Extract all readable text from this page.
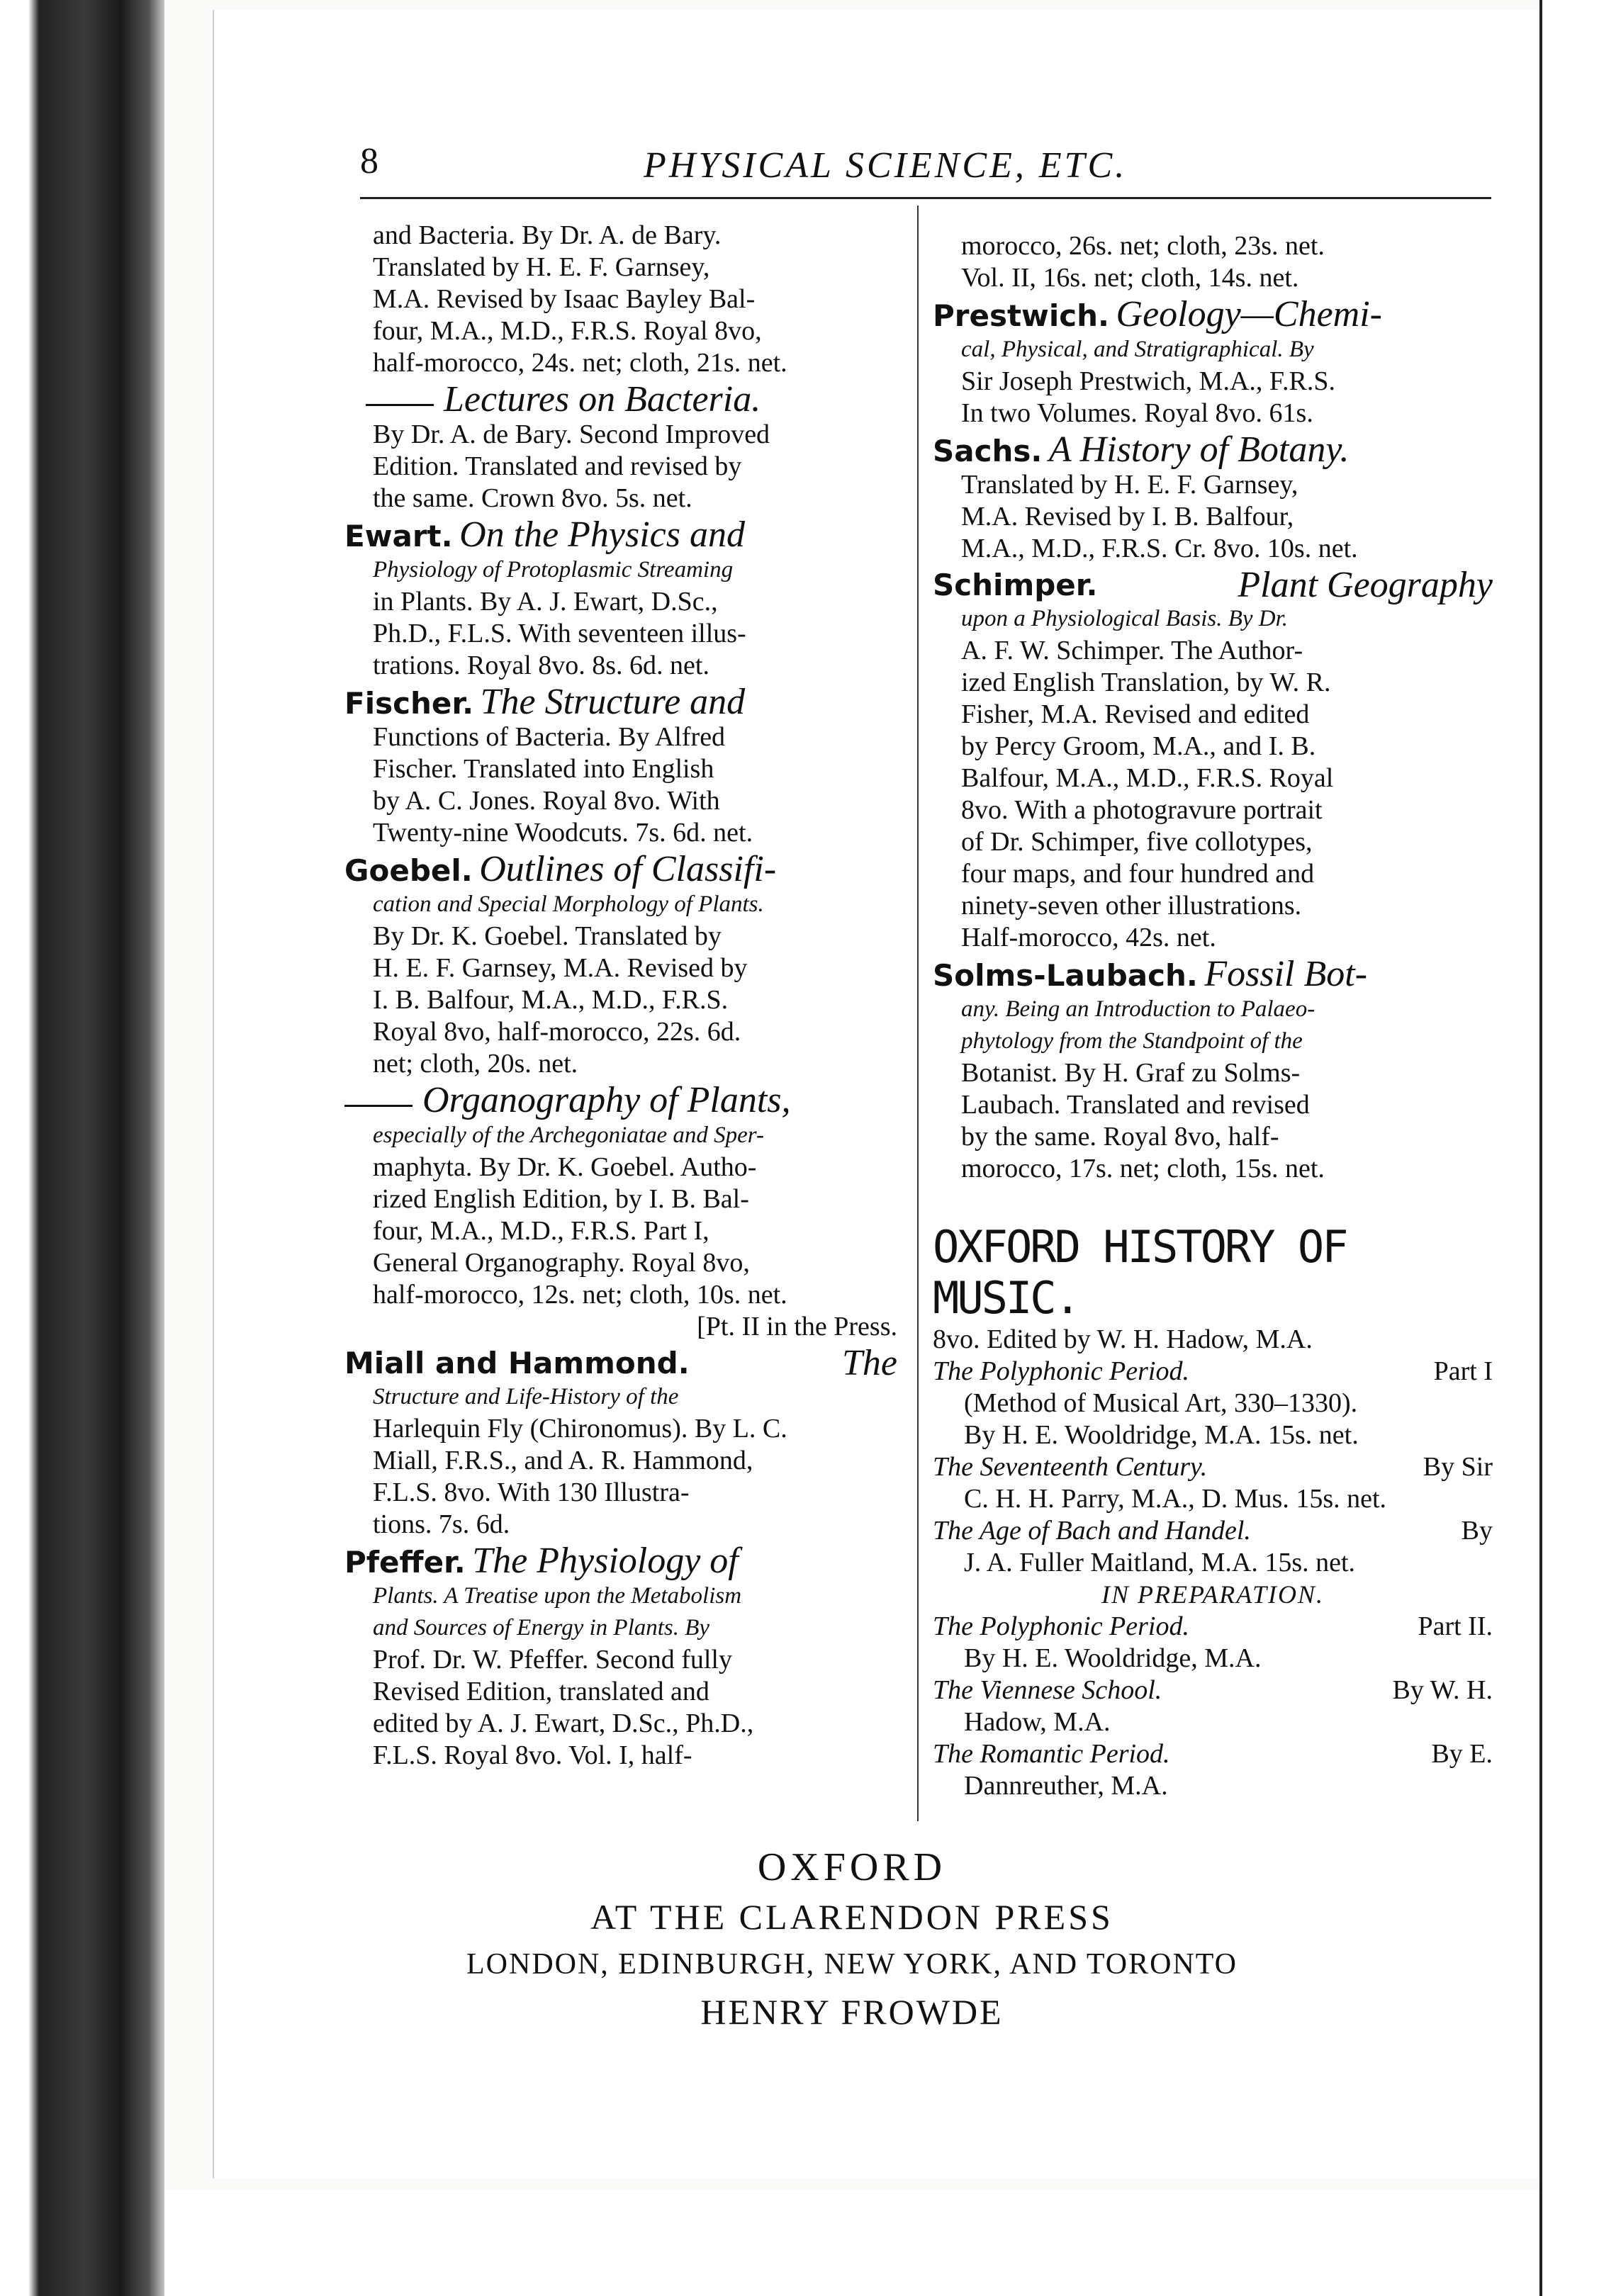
8	PHYSICAL SCIENCE, ETC.
and Bacteria. By Dr. A. de Bary.
Translated by H. E. F. Garnsey,
M.A. Revised by Isaac Bayley Bal-
four, M.A., M.D., F.R.S. Royal 8vo,
half-morocco, 24s. net; cloth, 21s. net.
Lectures on Bacteria.
By Dr. A. de Bary. Second Improved
Edition. Translated and revised by
the same. Crown 8vo. 5s. net.
Ewart. On the Physics and
Physiology of Protoplasmic Streaming
in Plants. By A. J. Ewart, D.Sc.,
Ph.D., F.L.S. With seventeen illus-
trations. Royal 8vo. 8s. 6d. net.
Fischer. The Structure and
Functions of Bacteria. By Alfred
Fischer. Translated into English
by A. C. Jones. Royal 8vo. With
Twenty-nine Woodcuts. 7s. 6d. net.
Goebel. Outlines of Classifi-
cation and Special Morphology of Plants.
By Dr. K. Goebel. Translated by
H. E. F. Garnsey, M.A. Revised by
I. B. Balfour, M.A., M.D., F.R.S.
Royal 8vo, half-morocco, 22s. 6d.
net; cloth, 20s. net.
Organography of Plants,
especially of the Archegoniatae and Sper-
maphyta. By Dr. K. Goebel. Autho-
rized English Edition, by I. B. Bal-
four, M.A., M.D., F.R.S. Part I,
General Organography. Royal 8vo,
half-morocco, 12s. net; cloth, 10s. net.
[Pt. II in the Press.
Miall and Hammond.	The
Structure and Life-History of the
Harlequin Fly (Chironomus). By L. C.
Miall, F.R.S., and A. R. Hammond,
F.L.S. 8vo. With 130 Illustra-
tions. 7s. 6d.
Pfeffer. The Physiology of
Plants. A Treatise upon the Metabolism
and Sources of Energy in Plants. By
Prof. Dr. W. Pfeffer. Second fully
Revised Edition, translated and
edited by A. J. Ewart, D.Sc., Ph.D.,
F.L.S. Royal 8vo. Vol. I, half-
morocco, 26s. net; cloth, 23s. net.
Vol. II, 16s. net; cloth, 14s. net.
Prestwich. Geology—Chemi-
cal, Physical, and Stratigraphical. By
Sir Joseph Prestwich, M.A., F.R.S.
In two Volumes. Royal 8vo. 61s.
Sachs. A History of Botany.
Translated by H. E. F. Garnsey,
M.A. Revised by I. B. Balfour,
M.A., M.D., F.R.S. Cr. 8vo. 10s. net.
Schimper.	Plant Geography
upon a Physiological Basis. By Dr.
A. F. W. Schimper. The Author-
ized English Translation, by W. R.
Fisher, M.A. Revised and edited
by Percy Groom, M.A., and I. B.
Balfour, M.A., M.D., F.R.S. Royal
8vo. With a photogravure portrait
of Dr. Schimper, five collotypes,
four maps, and four hundred and
ninety-seven other illustrations.
Half-morocco, 42s. net.
Solms-Laubach. Fossil Bot-
any. Being an Introduction to Palaeo-
phytology from the Standpoint of the
Botanist. By H. Graf zu Solms-
Laubach. Translated and revised
by the same. Royal 8vo, half-
morocco, 17s. net; cloth, 15s. net.
OXFORD HISTORY OF MUSIC.
8vo. Edited by W. H. Hadow, M.A.
The Polyphonic Period.	Part I
(Method of Musical Art, 330–1330).
By H. E. Wooldridge, M.A. 15s. net.
The Seventeenth Century.	By Sir
C. H. H. Parry, M.A., D. Mus. 15s. net.
The Age of Bach and Handel.	By
J. A. Fuller Maitland, M.A. 15s. net.
IN PREPARATION.
The Polyphonic Period.	Part II.
By H. E. Wooldridge, M.A.
The Viennese School.	By W. H.
Hadow, M.A.
The Romantic Period.	By E.
Dannreuther, M.A.
OXFORD
AT THE CLARENDON PRESS
LONDON, EDINBURGH, NEW YORK, AND TORONTO
HENRY FROWDE
